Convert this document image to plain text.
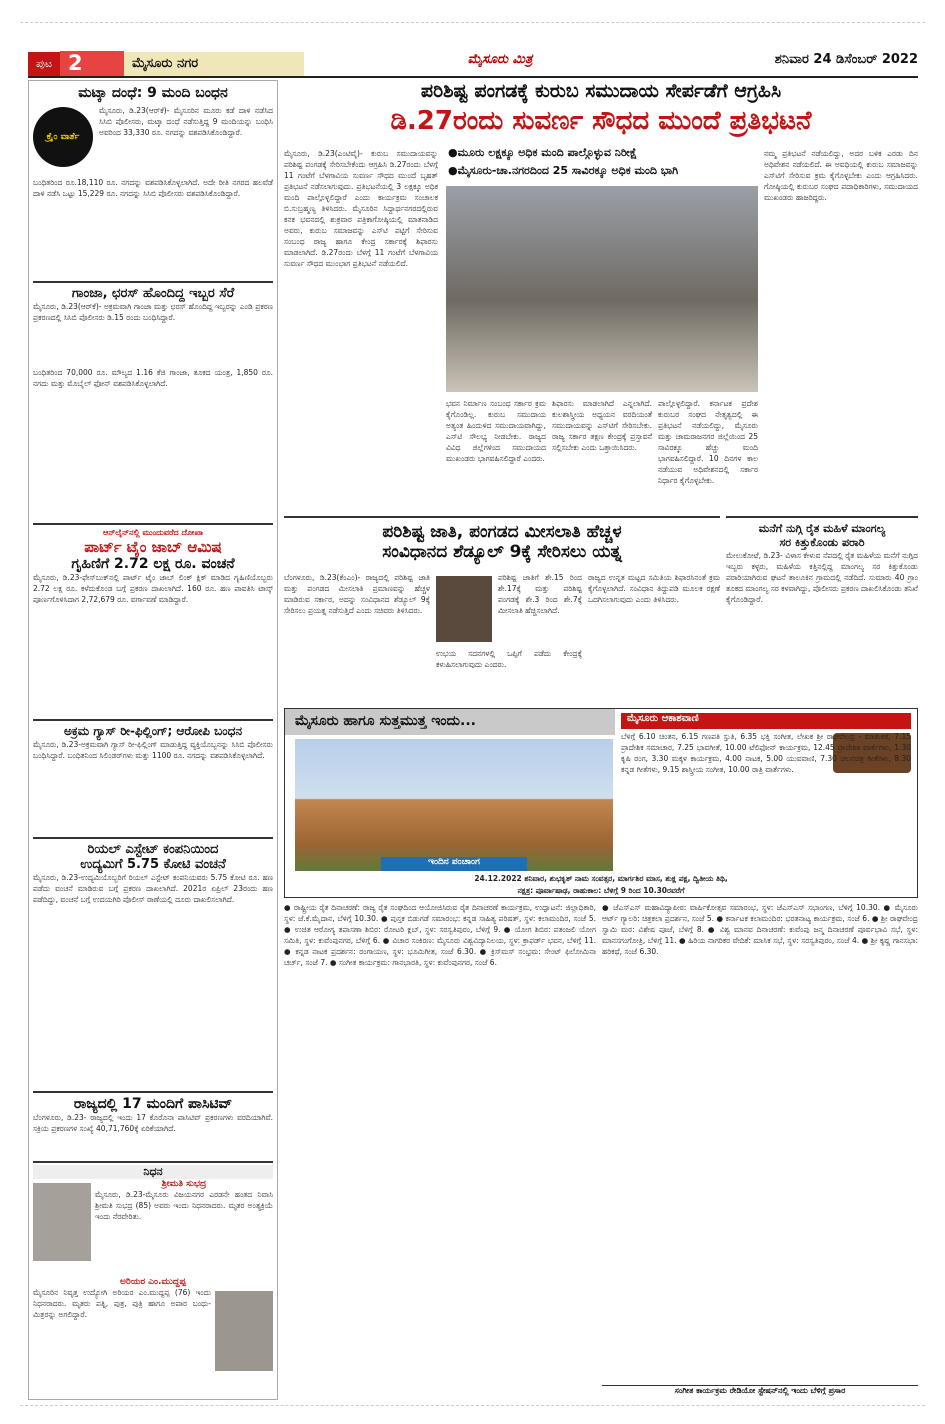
ಪುಟ 2	ಮೈಸೂರು ನಗರ	ಮೈಸೂರು ಮಿತ್ರ	ಶನಿವಾರ 24 ಡಿಸೆಂಬರ್ 2022
ಮಟ್ಕಾ ದಂಧೆ: 9 ಮಂದಿ ಬಂಧನ
ಕ್ರೈಂ ವಾರ್ತೆ
ಮೈಸೂರು, ಡಿ.23(ಆರ್‌ಕೆ)- ಮೈಸೂರಿನ ಮೂರು ಕಡೆ ದಾಳಿ ನಡೆಸಿದ ಸಿಸಿಬಿ ಪೊಲೀಸರು, ಮಟ್ಕಾ ದಂಧೆ ನಡೆಸುತ್ತಿದ್ದ 9 ಮಂದಿಯನ್ನು ಬಂಧಿಸಿ ಅವರಿಂದ 33,330 ರೂ. ನಗದನ್ನು ವಶಪಡಿಸಿಕೊಂಡಿದ್ದಾರೆ.
ಬಂಧಿತರಿಂದ ರೂ.18,110 ರೂ. ನಗದನ್ನು ವಶಪಡಿಸಿಕೊಳ್ಳಲಾಗಿದೆ. ಅದೇ ರೀತಿ ನಗರದ ಹಲವೆಡೆ ದಾಳಿ ನಡೆಸಿ ಒಟ್ಟು 15,229 ರೂ. ನಗದನ್ನು ಸಿಸಿಬಿ ಪೊಲೀಸರು ವಶಪಡಿಸಿಕೊಂಡಿದ್ದಾರೆ.
ಗಾಂಜಾ, ಛರಸ್ ಹೊಂದಿದ್ದ ಇಬ್ಬರ ಸೆರೆ
ಮೈಸೂರು, ಡಿ.23(ಆರ್‌ಕೆ)- ಅಕ್ರಮವಾಗಿ ಗಾಂಜಾ ಮತ್ತು ಛರಸ್ ಹೊಂದಿದ್ದ ಇಬ್ಬರನ್ನು ಎಂಡಿ ಪ್ರಕರಣ ಪ್ರಕರಣದಲ್ಲಿ ಸಿಸಿಬಿ ಪೊಲೀಸರು ಡಿ.15 ರಂದು ಬಂಧಿಸಿದ್ದಾರೆ.
ಬಂಧಿತರಿಂದ 70,000 ರೂ. ಮೌಲ್ಯದ 1.16 ಕೆಜಿ ಗಾಂಜಾ, ತೂಕದ ಯಂತ್ರ, 1,850 ರೂ. ನಗದು ಮತ್ತು ಮೊಬೈಲ್ ಫೋನ್ ವಶಪಡಿಸಿಕೊಳ್ಳಲಾಗಿದೆ.
ಆನ್‌ಲೈನ್‌ನಲ್ಲಿ ಮುಂದುವರೆದ ದೋಖಾ
ಪಾರ್ಟ್ ಟೈಂ ಜಾಬ್ ಆಮಿಷ
ಗೃಹಿಣಿಗೆ 2.72 ಲಕ್ಷ ರೂ. ವಂಚನೆ
ಮೈಸೂರು, ಡಿ.23-ಫೇಸ್‌ಬುಕ್‌ನಲ್ಲಿ ಪಾರ್ಟ್ ಟೈಂ ಜಾಬ್ ಲಿಂಕ್ ಕ್ಲಿಕ್ ಮಾಡಿದ ಗೃಹಿಣಿಯೊಬ್ಬರು 2.72 ಲಕ್ಷ ರೂ. ಕಳೆದುಕೊಂಡ ಬಗ್ಗೆ ಪ್ರಕರಣ ದಾಖಲಾಗಿದೆ. 160 ರೂ. ಹಣ ಪಾವತಿಸಿ ಟಾಸ್ಕ್ ಪೂರ್ಣಗೊಳಿಸಿದಾಗ 2,72,679 ರೂ. ವರ್ಗಾವಣೆ ಮಾಡಿದ್ದಾರೆ.
ಅಕ್ರಮ ಗ್ಯಾಸ್ ರೀ-ಫಿಲ್ಲಿಂಗ್; ಆರೋಪಿ ಬಂಧನ
ಮೈಸೂರು, ಡಿ.23-ಅಕ್ರಮವಾಗಿ ಗ್ಯಾಸ್ ರೀ-ಫಿಲ್ಲಿಂಗ್ ಮಾಡುತ್ತಿದ್ದ ವ್ಯಕ್ತಿಯೊಬ್ಬನನ್ನು ಸಿಸಿಬಿ ಪೊಲೀಸರು ಬಂಧಿಸಿದ್ದಾರೆ. ಬಂಧಿತನಿಂದ ಸಿಲಿಂಡರ್‌ಗಳು ಮತ್ತು 1100 ರೂ. ನಗದನ್ನು ವಶಪಡಿಸಿಕೊಳ್ಳಲಾಗಿದೆ.
ರಿಯಲ್ ಎಸ್ಟೇಟ್ ಕಂಪನಿಯಿಂದ
ಉದ್ಯಮಿಗೆ 5.75 ಕೋಟಿ ವಂಚನೆ
ಮೈಸೂರು, ಡಿ.23-ಉದ್ಯಮಿಯೊಬ್ಬರಿಗೆ ರಿಯಲ್ ಎಸ್ಟೇಟ್ ಕಂಪನಿಯವರು 5.75 ಕೋಟಿ ರೂ. ಹಣ ಪಡೆದು ವಂಚನೆ ಮಾಡಿರುವ ಬಗ್ಗೆ ಪ್ರಕರಣ ದಾಖಲಾಗಿದೆ. 2021ರ ಏಪ್ರಿಲ್ 23ರಂದು ಹಣ ಪಡೆದಿದ್ದು, ವಂಚನೆ ಬಗ್ಗೆ ಉದಯಗಿರಿ ಪೊಲೀಸ್ ಠಾಣೆಯಲ್ಲಿ ದೂರು ದಾಖಲಿಸಲಾಗಿದೆ.
ರಾಜ್ಯದಲ್ಲಿ 17 ಮಂದಿಗೆ ಪಾಸಿಟಿವ್
ಬೆಂಗಳೂರು, ಡಿ.23- ರಾಜ್ಯದಲ್ಲಿ ಇಂದು 17 ಕೊರೊನಾ ಪಾಸಿಟಿವ್ ಪ್ರಕರಣಗಳು ವರದಿಯಾಗಿವೆ. ಸಕ್ರಿಯ ಪ್ರಕರಣಗಳ ಸಂಖ್ಯೆ 40,71,760ಕ್ಕೆ ಏರಿಕೆಯಾಗಿದೆ.
ನಿಧನ
ಶ್ರೀಮತಿ ಸುಭದ್ರ
ಮೈಸೂರು, ಡಿ.23-ಮೈಸೂರು ವಿಜಯನಗರ ಎರಡನೇ ಹಂತದ ನಿವಾಸಿ ಶ್ರೀಮತಿ ಸುಭದ್ರ (85) ಅವರು ಇಂದು ನಿಧನರಾದರು. ಮೃತರ ಅಂತ್ಯಕ್ರಿಯೆ ಇಂದು ನೆರವೇರಿತು.
ಅರಿಯರ ಎಂ.ಮುದ್ದಪ್ಪ
ಮೈಸೂರಿನ ನಿವೃತ್ತ ಉದ್ಯೋಗಿ ಅರಿಯರ ಎಂ.ಮುದ್ದಪ್ಪ (76) ಇಂದು ನಿಧನರಾದರು. ಮೃತರು ಪತ್ನಿ, ಪುತ್ರ, ಪುತ್ರಿ ಹಾಗೂ ಅಪಾರ ಬಂಧು-ಮಿತ್ರರನ್ನು ಅಗಲಿದ್ದಾರೆ.
ಪರಿಶಿಷ್ಟ ಪಂಗಡಕ್ಕೆ ಕುರುಬ ಸಮುದಾಯ ಸೇರ್ಪಡೆಗೆ ಆಗ್ರಹಿಸಿ
ಡಿ.27ರಂದು ಸುವರ್ಣ ಸೌಧದ ಮುಂದೆ ಪ್ರತಿಭಟನೆ
●ಮೂರು ಲಕ್ಷಕ್ಕೂ ಅಧಿಕ ಮಂದಿ ಪಾಲ್ಗೊಳ್ಳುವ ನಿರೀಕ್ಷೆ
●ಮೈಸೂರು-ಚಾ.ನಗರದಿಂದ 25 ಸಾವಿರಕ್ಕೂ ಅಧಿಕ ಮಂದಿ ಭಾಗಿ
ಮೈಸೂರು, ಡಿ.23(ಎಂಟಿವೈ)- ಕುರುಬ ಸಮುದಾಯವನ್ನು ಪರಿಶಿಷ್ಟ ಪಂಗಡಕ್ಕೆ ಸೇರಿಸಬೇಕೆಂದು ಆಗ್ರಹಿಸಿ ಡಿ.27ರಂದು ಬೆಳಗ್ಗೆ 11 ಗಂಟೆಗೆ ಬೆಳಗಾವಿಯ ಸುವರ್ಣ ಸೌಧದ ಮುಂದೆ ಬೃಹತ್ ಪ್ರತಿಭಟನೆ ನಡೆಸಲಾಗುವುದು. ಪ್ರತಿಭಟನೆಯಲ್ಲಿ 3 ಲಕ್ಷಕ್ಕೂ ಅಧಿಕ ಮಂದಿ ಪಾಲ್ಗೊಳ್ಳಲಿದ್ದಾರೆ ಎಂದು ಕಾರ್ಯಕ್ರಮ ಸಂಚಾಲಕ ಬಿ.ಸುಬ್ರಹ್ಮಣ್ಯ ತಿಳಿಸಿದರು. ಮೈಸೂರಿನ ಸಿದ್ದಾರ್ಥನಗರದಲ್ಲಿರುವ ಕನಕ ಭವನದಲ್ಲಿ ಶುಕ್ರವಾರ ಪತ್ರಿಕಾಗೋಷ್ಠಿಯಲ್ಲಿ ಮಾತನಾಡಿದ ಅವರು, ಕುರುಬ ಸಮಾಜವನ್ನು ಎಸ್‌ಟಿ ಪಟ್ಟಿಗೆ ಸೇರಿಸುವ ಸಂಬಂಧ ರಾಜ್ಯ ಹಾಗೂ ಕೇಂದ್ರ ಸರ್ಕಾರಕ್ಕೆ ಶಿಫಾರಸು ಮಾಡಲಾಗಿದೆ. ಡಿ.27ರಂದು ಬೆಳಗ್ಗೆ 11 ಗಂಟೆಗೆ ಬೆಳಗಾವಿಯ ಸುವರ್ಣ ಸೌಧದ ಮುಂಭಾಗ ಪ್ರತಿಭಟನೆ ನಡೆಯಲಿದೆ.
ಭವನ ನಿರ್ಮಾಣ ಸಂಬಂಧ ಸರ್ಕಾರ ಕ್ರಮ ಕೈಗೊಂಡಿಲ್ಲ. ಕುರುಬ ಸಮುದಾಯ ಅತ್ಯಂತ ಹಿಂದುಳಿದ ಸಮುದಾಯವಾಗಿದ್ದು, ಎಸ್‌ಟಿ ಸೌಲಭ್ಯ ನೀಡಬೇಕು. ರಾಜ್ಯದ ವಿವಿಧ ಜಿಲ್ಲೆಗಳಿಂದ ಸಮುದಾಯದ ಮುಖಂಡರು ಭಾಗವಹಿಸಲಿದ್ದಾರೆ ಎಂದರು.
ಶಿಫಾರಸು ಮಾಡಲಾಗಿದೆ ಎನ್ನಲಾಗಿದೆ. ಕುಲಶಾಸ್ತ್ರೀಯ ಅಧ್ಯಯನ ವರದಿಯಂತೆ ಸಮುದಾಯವನ್ನು ಎಸ್‌ಟಿಗೆ ಸೇರಿಸಬೇಕು. ರಾಜ್ಯ ಸರ್ಕಾರ ತಕ್ಷಣ ಕೇಂದ್ರಕ್ಕೆ ಪ್ರಸ್ತಾವನೆ ಸಲ್ಲಿಸಬೇಕು ಎಂದು ಒತ್ತಾಯಿಸಿದರು.
ಪಾಲ್ಗೊಳ್ಳಲಿದ್ದಾರೆ. ಕರ್ನಾಟಕ ಪ್ರದೇಶ ಕುರುಬರ ಸಂಘದ ನೇತೃತ್ವದಲ್ಲಿ ಈ ಪ್ರತಿಭಟನೆ ನಡೆಯಲಿದ್ದು, ಮೈಸೂರು ಮತ್ತು ಚಾಮರಾಜನಗರ ಜಿಲ್ಲೆಯಿಂದ 25 ಸಾವಿರಕ್ಕೂ ಹೆಚ್ಚು ಮಂದಿ ಭಾಗವಹಿಸಲಿದ್ದಾರೆ. 10 ದಿನಗಳ ಕಾಲ ನಡೆಯುವ ಅಧಿವೇಶನದಲ್ಲಿ ಸರ್ಕಾರ ನಿರ್ಧಾರ ಕೈಗೊಳ್ಳಬೇಕು.
ನಮ್ಮ ಪ್ರತಿಭಟನೆ ನಡೆಯಲಿದ್ದು, ಅದರ ಬಳಿಕ ಎರಡು ದಿನ ಅಧಿವೇಶನ ನಡೆಯಲಿದೆ. ಈ ಅವಧಿಯಲ್ಲಿ ಕುರುಬ ಸಮಾಜವನ್ನು ಎಸ್‌ಟಿಗೆ ಸೇರಿಸುವ ಕ್ರಮ ಕೈಗೊಳ್ಳಬೇಕು ಎಂದು ಆಗ್ರಹಿಸಿದರು. ಗೋಷ್ಠಿಯಲ್ಲಿ ಕುರುಬರ ಸಂಘದ ಪದಾಧಿಕಾರಿಗಳು, ಸಮುದಾಯದ ಮುಖಂಡರು ಹಾಜರಿದ್ದರು.
ಪರಿಶಿಷ್ಟ ಜಾತಿ, ಪಂಗಡದ ಮೀಸಲಾತಿ ಹೆಚ್ಚಳ
ಸಂವಿಧಾನದ ಶೆಡ್ಯೂಲ್ 9ಕ್ಕೆ ಸೇರಿಸಲು ಯತ್ನ
ಬೆಂಗಳೂರು, ಡಿ.23(ಕೆಂಎಂ)- ರಾಜ್ಯದಲ್ಲಿ ಪರಿಶಿಷ್ಟ ಜಾತಿ ಮತ್ತು ಪಂಗಡದ ಮೀಸಲಾತಿ ಪ್ರಮಾಣವನ್ನು ಹೆಚ್ಚಳ ಮಾಡಿರುವ ಸರ್ಕಾರ, ಅದನ್ನು ಸಂವಿಧಾನದ ಶೆಡ್ಯೂಲ್ 9ಕ್ಕೆ ಸೇರಿಸಲು ಪ್ರಯತ್ನ ನಡೆಸುತ್ತಿದೆ ಎಂದು ಸಚಿವರು ತಿಳಿಸಿದರು.
ಪರಿಶಿಷ್ಟ ಜಾತಿಗೆ ಶೇ.15 ರಿಂದ ಶೇ.17ಕ್ಕೆ ಮತ್ತು ಪರಿಶಿಷ್ಟ ಪಂಗಡಕ್ಕೆ ಶೇ.3 ರಿಂದ ಶೇ.7ಕ್ಕೆ ಮೀಸಲಾತಿ ಹೆಚ್ಚಿಸಲಾಗಿದೆ.
ಉಭಯ ಸದನಗಳಲ್ಲಿ ಒಪ್ಪಿಗೆ ಪಡೆದು ಕೇಂದ್ರಕ್ಕೆ ಕಳುಹಿಸಲಾಗುವುದು ಎಂದರು.
ರಾಜ್ಯದ ಉನ್ನತ ಮಟ್ಟದ ಸಮಿತಿಯ ಶಿಫಾರಸಿನಂತೆ ಕ್ರಮ ಕೈಗೊಳ್ಳಲಾಗಿದೆ. ಸಂವಿಧಾನ ತಿದ್ದುಪಡಿ ಮೂಲಕ ರಕ್ಷಣೆ ಒದಗಿಸಲಾಗುವುದು ಎಂದು ತಿಳಿಸಿದರು.
ಮನೆಗೆ ನುಗ್ಗಿ ರೈತ ಮಹಿಳೆ ಮಾಂಗಲ್ಯ
ಸರ ಕಿತ್ತುಕೊಂಡು ಪರಾರಿ
ಮೇಲುಕೋಟೆ, ಡಿ.23- ವಿಳಾಸ ಕೇಳುವ ನೆಪದಲ್ಲಿ ರೈತ ಮಹಿಳೆಯ ಮನೆಗೆ ನುಗ್ಗಿದ ಇಬ್ಬರು ಕಳ್ಳರು, ಮಹಿಳೆಯ ಕತ್ತಿನಲ್ಲಿದ್ದ ಮಾಂಗಲ್ಯ ಸರ ಕಿತ್ತುಕೊಂಡು ಪರಾರಿಯಾಗಿರುವ ಘಟನೆ ತಾಲೂಕಿನ ಗ್ರಾಮದಲ್ಲಿ ನಡೆದಿದೆ. ಸುಮಾರು 40 ಗ್ರಾಂ ತೂಕದ ಮಾಂಗಲ್ಯ ಸರ ಕಳವಾಗಿದ್ದು, ಪೊಲೀಸರು ಪ್ರಕರಣ ದಾಖಲಿಸಿಕೊಂಡು ತನಿಖೆ ಕೈಗೊಂಡಿದ್ದಾರೆ.
ಮೈಸೂರು ಹಾಗೂ ಸುತ್ತಮುತ್ತ ಇಂದು...
ಇಂದಿನ ಪಂಚಾಂಗ
24.12.2022 ಶನಿವಾರ, ಶುಭಕೃತ್ ನಾಮ ಸಂವತ್ಸರ, ಮಾರ್ಗಶಿರ ಮಾಸ, ಶುಕ್ಲ ಪಕ್ಷ, ದ್ವಿತೀಯ ತಿಥಿ,
ನಕ್ಷತ್ರ: ಪೂರ್ವಾಷಾಢ, ರಾಹುಕಾಲ: ಬೆಳಿಗ್ಗೆ 9 ರಿಂದ 10.30ರವರೆಗೆ
ಮೈಸೂರು ಆಕಾಶವಾಣಿ
ಬೆಳಿಗ್ಗೆ 6.10 ಚಿಂತನ, 6.15 ಗಣಪತಿ ಸ್ತುತಿ, 6.35 ಭಕ್ತಿ ಸಂಗೀತ, ಲೇಖಕ ಶ್ರೀ ರಾಘವೇಂದ್ರ - ಮಾತುಕತೆ, 7.15 ಪ್ರಾದೇಶಿಕ ಸಮಾಚಾರ, 7.25 ಭಾವಗೀತೆ, 10.00 ಟೆಲಿಫೋನ್ ಕಾರ್ಯಕ್ರಮ, 12.45 ಪ್ರಾದೇಶಿಕ ವಾರ್ತೆಗಳು, 1.30 ಕೃಷಿ ರಂಗ, 3.30 ಮಕ್ಕಳ ಕಾರ್ಯಕ್ರಮ, 4.00 ನಾಟಕ, 5.00 ಯುವವಾಣಿ, 7.30 ಚಲನಚಿತ್ರ ಗೀತೆಗಳು, 8.30 ಕನ್ನಡ ಗೀತೆಗಳು, 9.15 ಶಾಸ್ತ್ರೀಯ ಸಂಗೀತ, 10.00 ರಾತ್ರಿ ವಾರ್ತೆಗಳು.
● ರಾಷ್ಟ್ರೀಯ ರೈತ ದಿನಾಚರಣೆ: ರಾಜ್ಯ ರೈತ ಸಂಘದಿಂದ ಆಯೋಜಿಸಿರುವ ರೈತ ದಿನಾಚರಣೆ ಕಾರ್ಯಕ್ರಮ, ಉದ್ಘಾಟನೆ: ಜಿಲ್ಲಾಧಿಕಾರಿ, ಸ್ಥಳ: ಜೆ.ಕೆ.ಮೈದಾನ, ಬೆಳಿಗ್ಗೆ 10.30. ● ಪುಸ್ತಕ ಬಿಡುಗಡೆ ಸಮಾರಂಭ: ಕನ್ನಡ ಸಾಹಿತ್ಯ ಪರಿಷತ್, ಸ್ಥಳ: ಕಲಾಮಂದಿರ, ಸಂಜೆ 5. ● ಉಚಿತ ಆರೋಗ್ಯ ತಪಾಸಣಾ ಶಿಬಿರ: ರೋಟರಿ ಕ್ಲಬ್, ಸ್ಥಳ: ಸರಸ್ವತಿಪುರಂ, ಬೆಳಿಗ್ಗೆ 9. ● ಯೋಗ ಶಿಬಿರ: ಪತಂಜಲಿ ಯೋಗ ಸಮಿತಿ, ಸ್ಥಳ: ಕುವೆಂಪುನಗರ, ಬೆಳಿಗ್ಗೆ 6. ● ವಿಚಾರ ಸಂಕಿರಣ: ಮೈಸೂರು ವಿಶ್ವವಿದ್ಯಾನಿಲಯ, ಸ್ಥಳ: ಕ್ರಾಫರ್ಡ್ ಭವನ, ಬೆಳಿಗ್ಗೆ 11. ● ಕನ್ನಡ ನಾಟಕ ಪ್ರದರ್ಶನ: ರಂಗಾಯಣ, ಸ್ಥಳ: ಭೂಮಿಗೀತ, ಸಂಜೆ 6.30. ● ಕ್ರಿಸ್‌ಮಸ್ ಸಂಭ್ರಮ: ಸೇಂಟ್ ಫಿಲೋಮಿನಾ ಚರ್ಚ್, ಸಂಜೆ 7. ● ಸಂಗೀತ ಕಾರ್ಯಕ್ರಮ: ಗಾನಭಾರತಿ, ಸ್ಥಳ: ಕುವೆಂಪುನಗರ, ಸಂಜೆ 6.
● ಜೆಎಸ್‌ಎಸ್ ಮಹಾವಿದ್ಯಾಪೀಠ: ವಾರ್ಷಿಕೋತ್ಸವ ಸಮಾರಂಭ, ಸ್ಥಳ: ಜೆಎಸ್‌ಎಸ್ ಸಭಾಂಗಣ, ಬೆಳಿಗ್ಗೆ 10.30. ● ಮೈಸೂರು ಆರ್ಟ್ ಗ್ಯಾಲರಿ: ಚಿತ್ರಕಲಾ ಪ್ರದರ್ಶನ, ಸಂಜೆ 5. ● ಕರ್ನಾಟಕ ಕಲಾಮಂದಿರ: ಭರತನಾಟ್ಯ ಕಾರ್ಯಕ್ರಮ, ಸಂಜೆ 6. ● ಶ್ರೀ ರಾಘವೇಂದ್ರ ಸ್ವಾಮಿ ಮಠ: ವಿಶೇಷ ಪೂಜೆ, ಬೆಳಿಗ್ಗೆ 8. ● ವಿಶ್ವ ಮಾನವ ದಿನಾಚರಣೆ: ಕುವೆಂಪು ಜನ್ಮ ದಿನಾಚರಣೆ ಪೂರ್ವಭಾವಿ ಸಭೆ, ಸ್ಥಳ: ಮಾನಸಗಂಗೋತ್ರಿ, ಬೆಳಿಗ್ಗೆ 11. ● ಹಿರಿಯ ನಾಗರಿಕರ ವೇದಿಕೆ: ಮಾಸಿಕ ಸಭೆ, ಸ್ಥಳ: ಸರಸ್ವತಿಪುರಂ, ಸಂಜೆ 4. ● ಶ್ರೀ ಕೃಷ್ಣ ಗಾನಸಭಾ: ಹರಿಕಥೆ, ಸಂಜೆ 6.30.
ಸಂಗೀತ ಕಾರ್ಯಕ್ರಮ ರೇಡಿಯೋ ಸ್ಟೇಷನ್‌ನಲ್ಲಿ ಇಂದು ಬೆಳಿಗ್ಗೆ ಪ್ರಸಾರ
